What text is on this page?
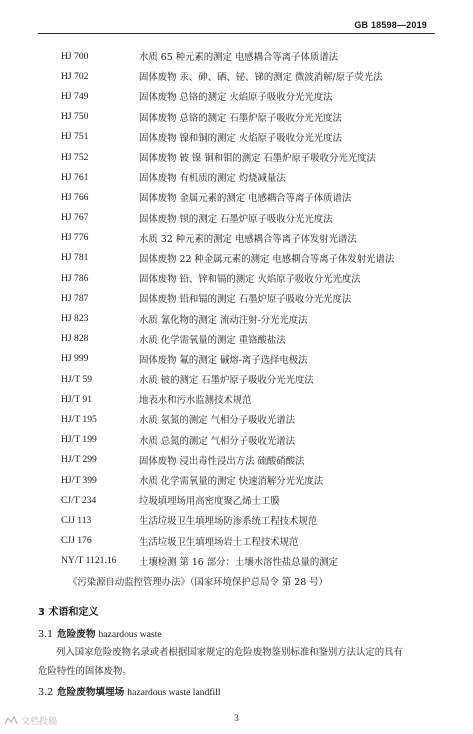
GB 18598—2019
HJ 700	水质 65 种元素的测定 电感耦合等离子体质谱法
HJ 702	固体废物 汞、砷、硒、铋、锑的测定 微波消解/原子荧光法
HJ 749	固体废物 总铬的测定 火焰原子吸收分光光度法
HJ 750	固体废物 总铬的测定 石墨炉原子吸收分光光度法
HJ 751	固体废物 镍和铜的测定 火焰原子吸收分光光度法
HJ 752	固体废物 铍 镍 铜和钼的测定 石墨炉原子吸收分光光度法
HJ 761	固体废物 有机质的测定 灼烧减量法
HJ 766	固体废物 金属元素的测定 电感耦合等离子体质谱法
HJ 767	固体废物 钡的测定 石墨炉原子吸收分光光度法
HJ 776	水质 32 种元素的测定 电感耦合等离子体发射光谱法
HJ 781	固体废物 22 种金属元素的测定 电感耦合等离子体发射光谱法
HJ 786	固体废物 铅、锌和镉的测定 火焰原子吸收分光光度法
HJ 787	固体废物 铅和镉的测定 石墨炉原子吸收分光光度法
HJ 823	水质 氰化物的测定 流动注射-分光光度法
HJ 828	水质 化学需氧量的测定 重铬酸盐法
HJ 999	固体废物 氟的测定 碱熔-离子选择电极法
HJ/T 59	水质 铍的测定 石墨炉原子吸收分光光度法
HJ/T 91	地表水和污水监测技术规范
HJ/T 195	水质 氨氮的测定 气相分子吸收光谱法
HJ/T 199	水质 总氮的测定 气相分子吸收光谱法
HJ/T 299	固体废物 浸出毒性浸出方法 硫酸硝酸法
HJ/T 399	水质 化学需氧量的测定 快速消解分光光度法
CJ/T 234	垃圾填埋场用高密度聚乙烯土工膜
CJJ 113	生活垃圾卫生填埋场防渗系统工程技术规范
CJJ 176	生活垃圾卫生填埋场岩土工程技术规范
NY/T 1121.16	土壤检测 第 16 部分：土壤水溶性盐总量的测定
《污染源自动监控管理办法》（国家环境保护总局令 第 28 号）
3 术语和定义
3.1 危险废物 hazardous waste
列入国家危险废物名录或者根据国家规定的危险废物鉴别标准和鉴别方法认定的具有
危险特性的固体废物。
3.2 危险废物填埋场 hazardous waste landfill
3
文档投稿
